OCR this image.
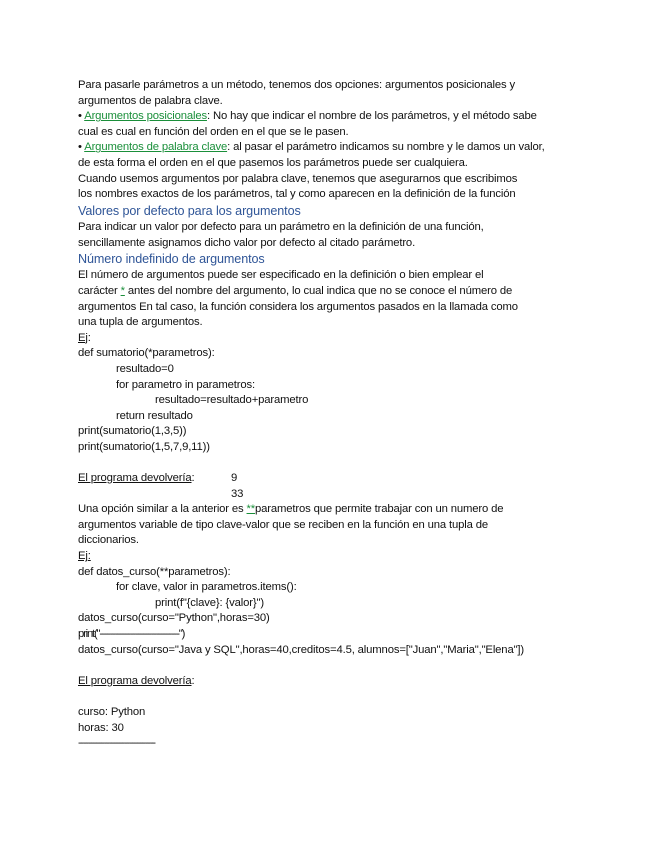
Para pasarle parámetros a un método, tenemos dos opciones: argumentos posicionales y

argumentos de palabra clave.

• Argumentos posicionales: No hay que indicar el nombre de los parámetros, y el método sabe

cual es cual en función del orden en el que se le pasen.

• Argumentos de palabra clave: al pasar el parámetro indicamos su nombre y le damos un valor,

de esta forma el orden en el que pasemos los parámetros puede ser cualquiera.

Cuando usemos argumentos por palabra clave, tenemos que asegurarnos que escribimos

los nombres exactos de los parámetros, tal y como aparecen en la definición de la función

Valores por defecto para los argumentos

Para indicar un valor por defecto para un parámetro en la definición de una función,

sencillamente asignamos dicho valor por defecto al citado parámetro.

Número indefinido de argumentos

El número de argumentos puede ser especificado en la definición o bien emplear el

carácter * antes del nombre del argumento, lo cual indica que no se conoce el número de

argumentos En tal caso, la función considera los argumentos pasados en la llamada como

una tupla de argumentos.

Ej:

def sumatorio(*parametros):

resultado=0

for parametro in parametros:

resultado=resultado+parametro

return resultado

print(sumatorio(1,3,5))

print(sumatorio(1,5,7,9,11))

El programa devolvería:	9
33

Una opción similar a la anterior es **parametros que permite trabajar con un numero de

argumentos variable de tipo clave-valor que se reciben en la función en una tupla de

diccionarios.

Ej:

def datos_curso(**parametros):

for clave, valor in parametros.items():

print(f"{clave}: {valor}")

datos_curso(curso="Python",horas=30)

print("-------------------------------")

datos_curso(curso="Java y SQL",horas=40,creditos=4.5, alumnos=["Juan","Maria","Elena"])

El programa devolvería:

curso: Python

horas: 30

------------------------------
